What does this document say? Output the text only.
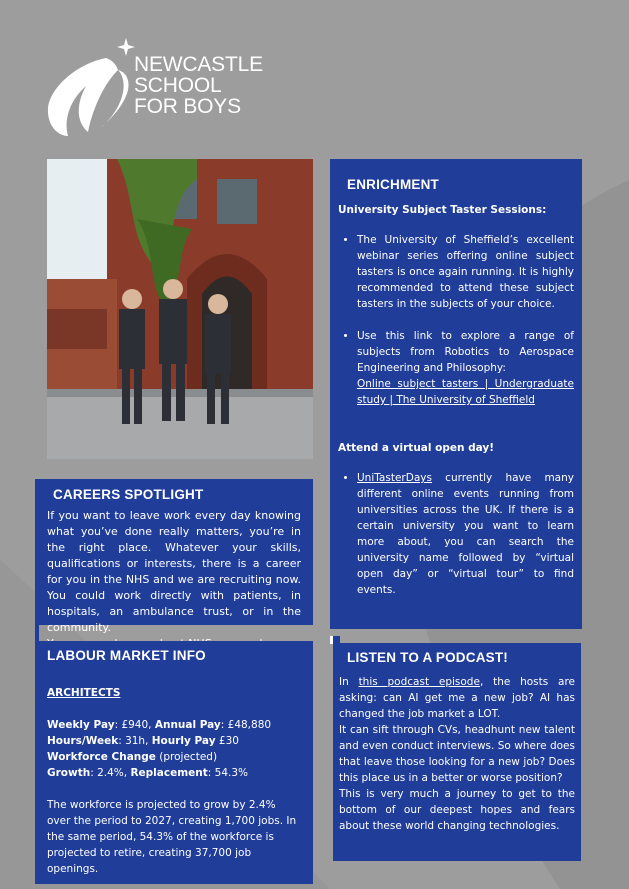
NEWCASTLE
SCHOOL
FOR BOYS
CAREERS SPOTLIGHT
If you want to leave work every day knowing what you’ve done really matters, you’re in the right place. Whatever your skills, qualifications or interests, there is a career for you in the NHS and we are recruiting now. You could work directly with patients, in hospitals, an ambulance trust, or in the community.
LABOUR MARKET INFO
ARCHITECTS
Weekly Pay: £940, Annual Pay: £48,880
Hours/Week: 31h, Hourly Pay £30
Workforce Change (projected)
Growth: 2.4%, Replacement: 54.3%
The workforce is projected to grow by 2.4% over the period to 2027, creating 1,700 jobs. In the same period, 54.3% of the workforce is projected to retire, creating 37,700 job openings.
ENRICHMENT
University Subject Taster Sessions:
• The University of Sheffield’s excellent webinar series offering online subject tasters is once again running. It is highly recommended to attend these subject tasters in the subjects of your choice.
• Use this link to explore a range of subjects from Robotics to Aerospace Engineering and Philosophy:
Online subject tasters | Undergraduate study | The University of Sheffield
Attend a virtual open day!
• UniTasterDays currently have many different online events running from universities across the UK. If there is a certain university you want to learn more about, you can search the university name followed by “virtual open day” or “virtual tour” to find events.
LISTEN TO A PODCAST!
In this podcast episode, the hosts are asking: can AI get me a new job? AI has changed the job market a LOT.
It can sift through CVs, headhunt new talent and even conduct interviews. So where does that leave those looking for a new job? Does this place us in a better or worse position?
This is very much a journey to get to the bottom of our deepest hopes and fears about these world changing technologies.
